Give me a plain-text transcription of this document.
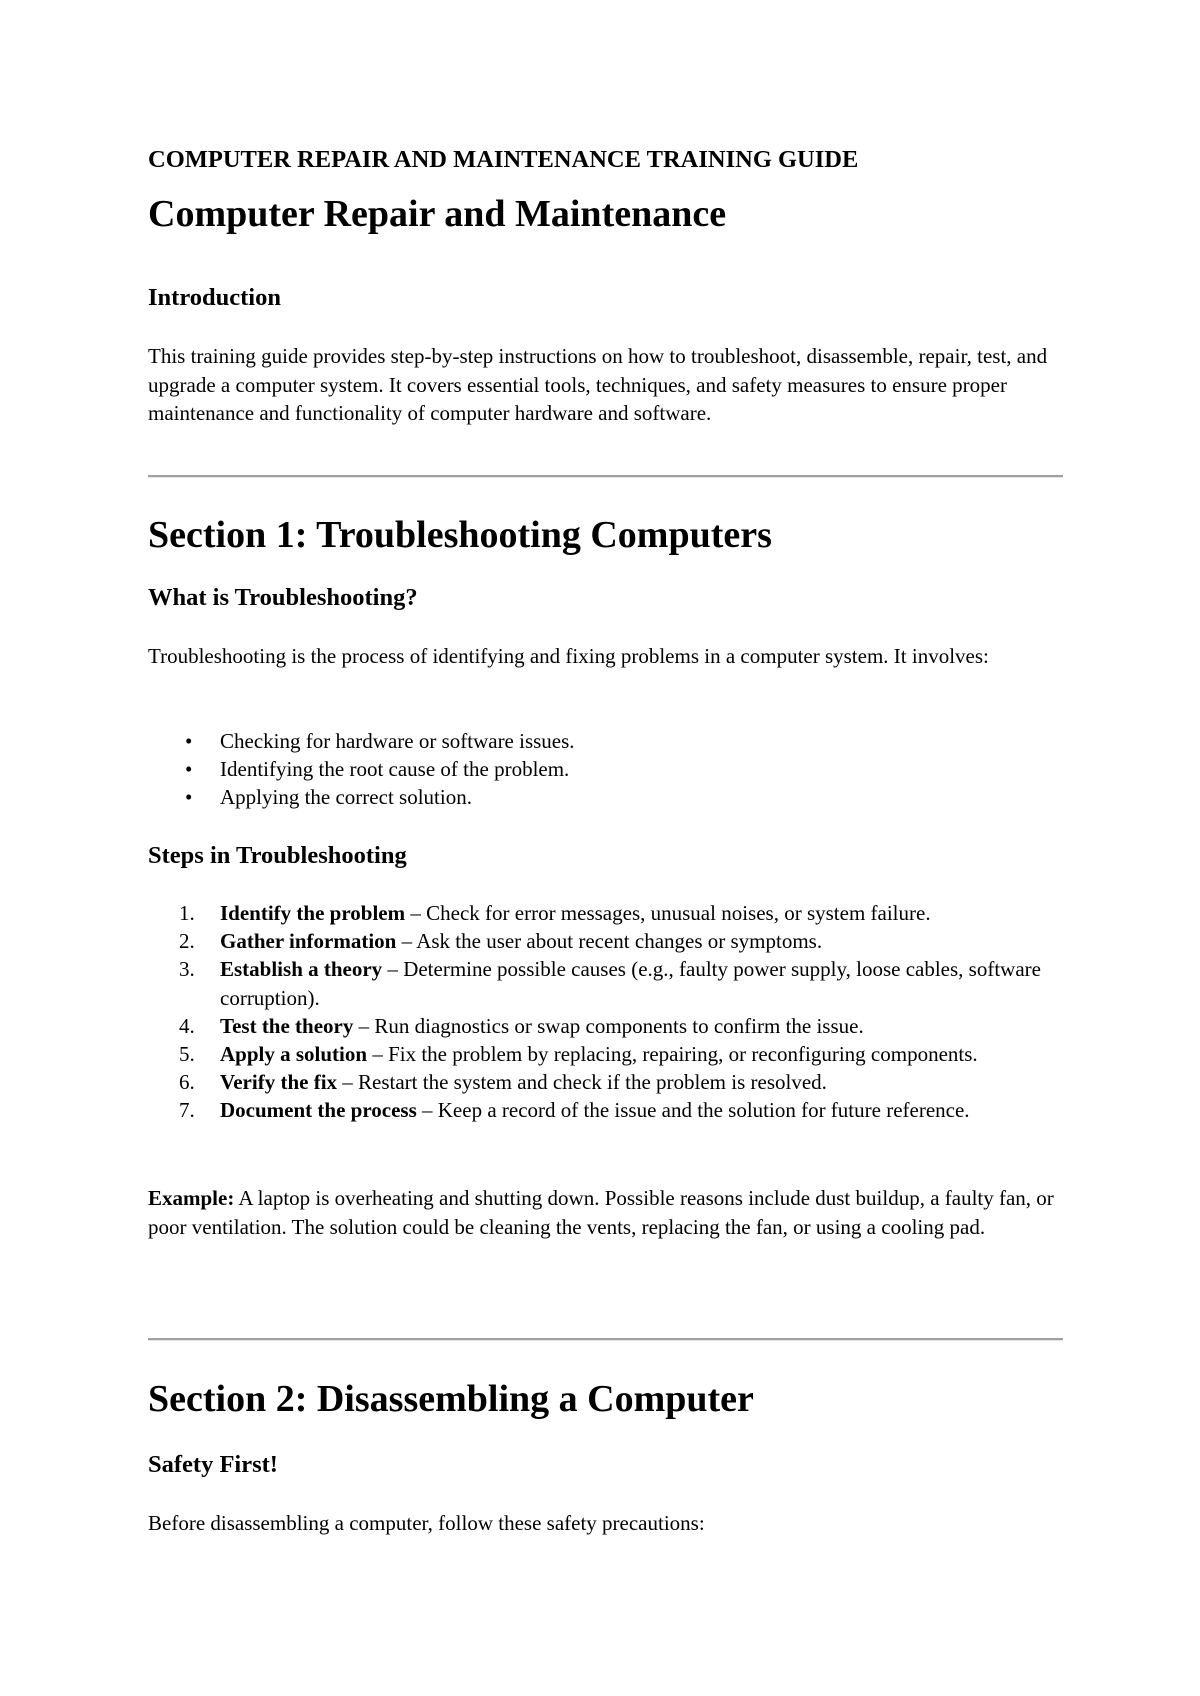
COMPUTER REPAIR AND MAINTENANCE TRAINING GUIDE

Computer Repair and Maintenance
Introduction

This training guide provides step-by-step instructions on how to troubleshoot, disassemble, repair, test, and upgrade a computer system. It covers essential tools, techniques, and safety measures to ensure proper maintenance and functionality of computer hardware and software.

Section 1: Troubleshooting Computers
What is Troubleshooting?

Troubleshooting is the process of identifying and fixing problems in a computer system. It involves:

• Checking for hardware or software issues.
• Identifying the root cause of the problem.
• Applying the correct solution.
Steps in Troubleshooting
1. Identify the problem – Check for error messages, unusual noises, or system failure.
2. Gather information – Ask the user about recent changes or symptoms.
3. Establish a theory – Determine possible causes (e.g., faulty power supply, loose cables, software corruption).
4. Test the theory – Run diagnostics or swap components to confirm the issue.
5. Apply a solution – Fix the problem by replacing, repairing, or reconfiguring components.
6. Verify the fix – Restart the system and check if the problem is resolved.
7. Document the process – Keep a record of the issue and the solution for future reference.

Example: A laptop is overheating and shutting down. Possible reasons include dust buildup, a faulty fan, or poor ventilation. The solution could be cleaning the vents, replacing the fan, or using a cooling pad.

Section 2: Disassembling a Computer
Safety First!

Before disassembling a computer, follow these safety precautions:
